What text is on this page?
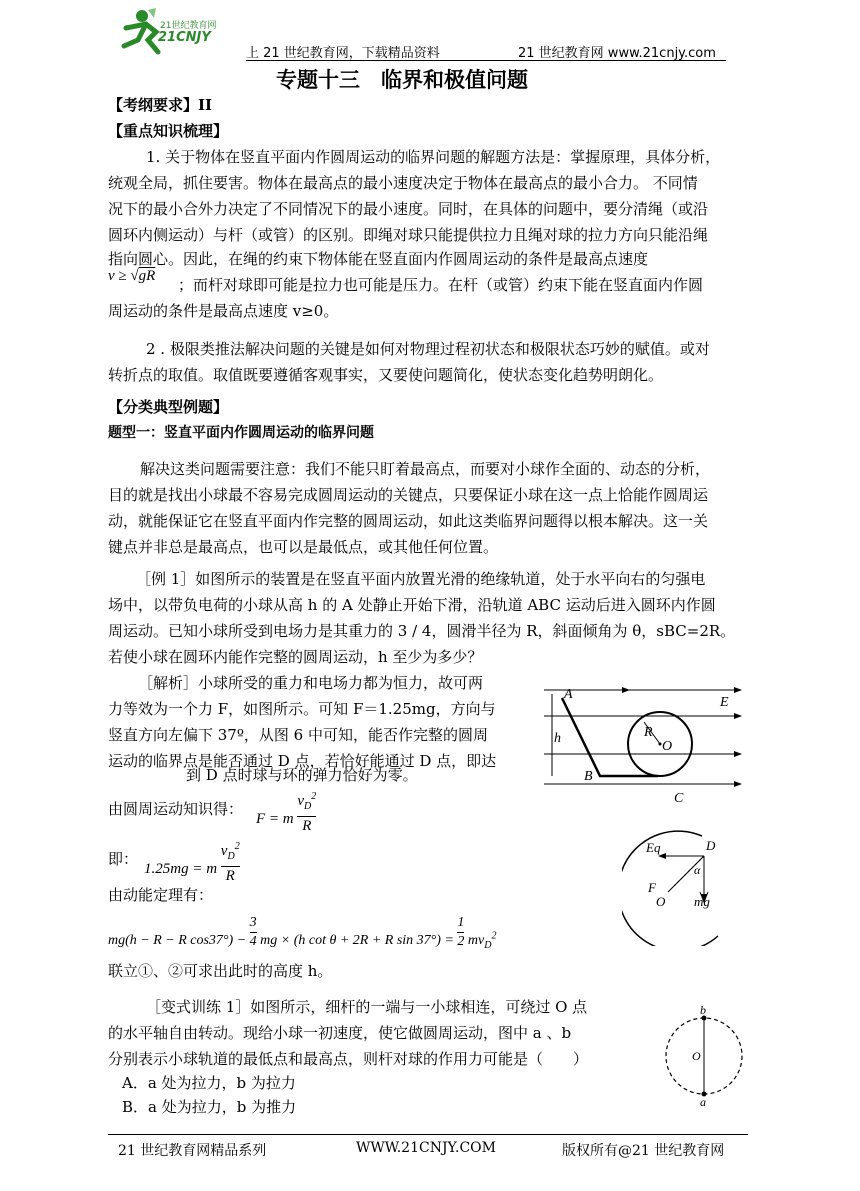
21世纪教育网
21CNJY
上 21 世纪教育网，下载精品资料	21 世纪教育网 www.21cnjy.com
专题十三　临界和极值问题
【考纲要求】II
【重点知识梳理】
1. 关于物体在竖直平面内作圆周运动的临界问题的解题方法是：掌握原理，具体分析，
统观全局，抓住要害。物体在最高点的最小速度决定于物体在最高点的最小合力。 不同情
况下的最小合外力决定了不同情况下的最小速度。同时，在具体的问题中，要分清绳（或沿
圆环内侧运动）与杆（或管）的区别。即绳对球只能提供拉力且绳对球的拉力方向只能沿绳
指向圆心。因此，在绳的约束下物体能在竖直面内作圆周运动的条件是最高点速度
v ≥ √gR ；而杆对球即可能是拉力也可能是压力。在杆（或管）约束下能在竖直面内作圆
周运动的条件是最高点速度 v≥0。
2 . 极限类推法解决问题的关键是如何对物理过程初状态和极限状态巧妙的赋值。或对
转折点的取值。取值既要遵循客观事实，又要使问题简化，使状态变化趋势明朗化。
【分类典型例题】
题型一：竖直平面内作圆周运动的临界问题
解决这类问题需要注意：我们不能只盯着最高点，而要对小球作全面的、动态的分析，
目的就是找出小球最不容易完成圆周运动的关键点，只要保证小球在这一点上恰能作圆周运
动，就能保证它在竖直平面内作完整的圆周运动，如此这类临界问题得以根本解决。这一关
键点并非总是最高点，也可以是最低点，或其他任何位置。
［例 1］如图所示的装置是在竖直平面内放置光滑的绝缘轨道，处于水平向右的匀强电
场中，以带负电荷的小球从高 h 的 A 处静止开始下滑，沿轨道 ABC 运动后进入圆环内作圆
周运动。已知小球所受到电场力是其重力的 3 / 4，圆滑半径为 R，斜面倾角为 θ，sBC=2R。
若使小球在圆环内能作完整的圆周运动，h 至少为多少？
［解析］小球所受的重力和电场力都为恒力，故可两
力等效为一个力 F，如图所示。可知 F＝1.25mg，方向与
竖直方向左偏下 37º，从图 6 中可知，能否作完整的圆周
运动的临界点是能否通过 D 点，若恰好能通过 D 点，即达
到 D 点时球与环的弹力恰好为零。
A
E
R
O
h
B
C
由圆周运动知识得：
F = m $\frac{v_D^2}{R}$
即：
1.25mg = m $\frac{v_D^2}{R}$	Eq	D
α
F
O mg
由动能定理有：
mg(h − R − R $\cos 37^\circ) - \frac{3}{4}$ mg × (h cot θ + 2R + R $\sin 37^\circ) = \frac{1}{2} mv_D^2$
联立①、②可求出此时的高度 h。
［变式训练 1］如图所示，细杆的一端与一小球相连，可绕过 O 点
的水平轴自由转动。现给小球一初速度，使它做圆周运动，图中 a 、b
分别表示小球轨道的最低点和最高点，则杆对球的作用力可能是（　　）
A．a 处为拉力，b 为拉力
B．a 处为拉力，b 为推力
b
O
a
21 世纪教育网精品系列	WWW.21CNJY.COM	版权所有@21 世纪教育网
